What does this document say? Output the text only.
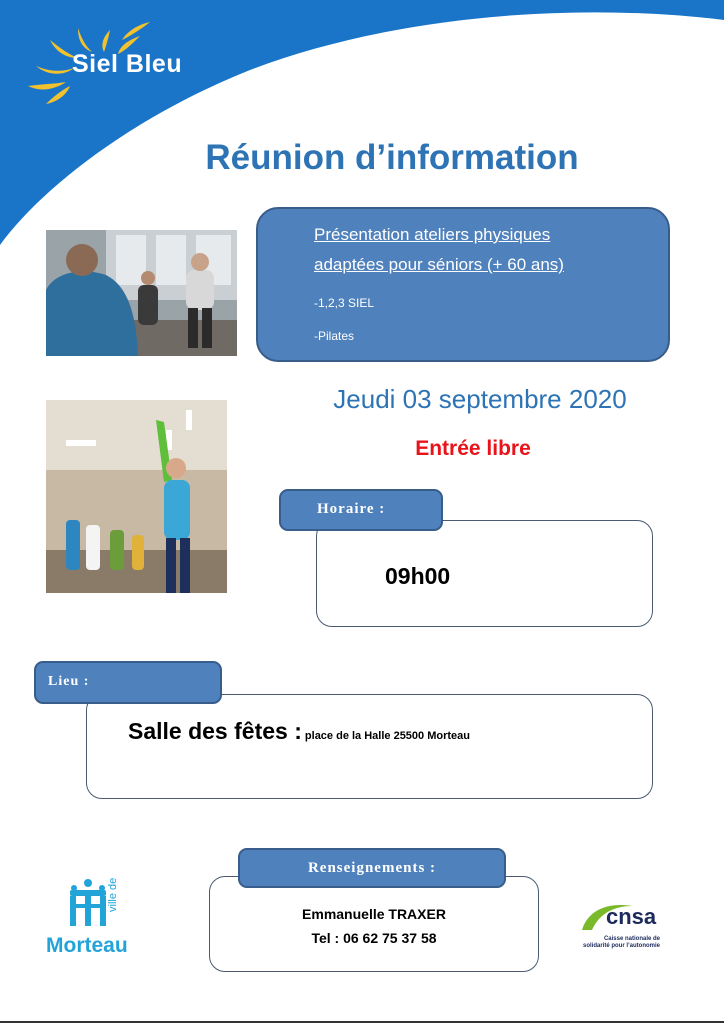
Siel Bleu
Réunion d’information
Présentation ateliers physiques
adaptées pour séniors (+ 60 ans)
-1,2,3 SIEL
-Pilates
Jeudi 03 septembre 2020
Entrée libre
Horaire :
09h00
Lieu :
Salle des fêtes : place de la Halle 25500 Morteau
Renseignements :
Emmanuelle TRAXER
Tel : 06 62 75 37 58
ville de
Morteau
cnsa
Caisse nationale de solidarité pour l’autonomie
